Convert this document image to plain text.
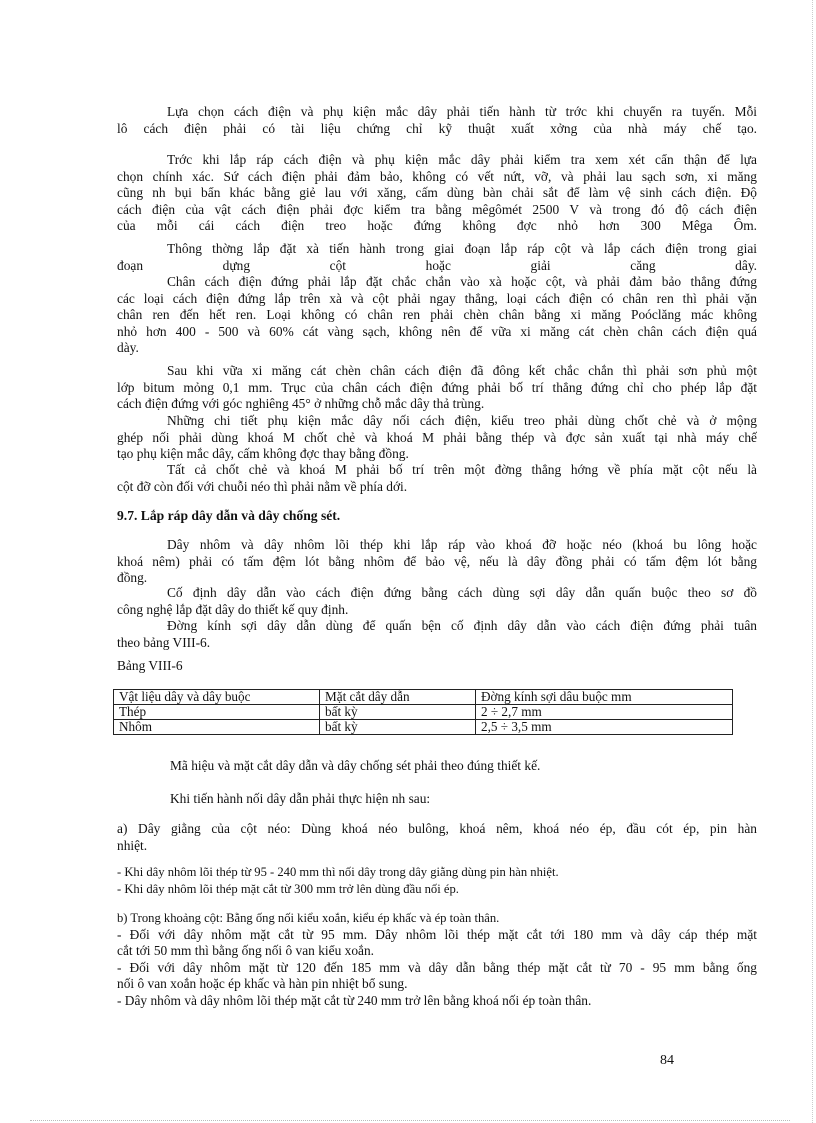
Lựa chọn cách điện và phụ kiện mắc dây phải tiến hành từ trớc khi chuyển ra tuyến. Mỗi
lô cách điện phải có tài liệu chứng chỉ kỹ thuật xuất xởng của nhà máy chế tạo.
Trớc khi lắp ráp cách điện và phụ kiện mắc dây phải kiểm tra xem xét cẩn thận để lựa
chọn chính xác. Sứ cách điện phải đảm bảo, không có vết nứt, vỡ, và phải lau sạch sơn, xi măng
cũng nh bụi bẩn khác bằng giẻ lau với xăng, cấm dùng bàn chải sắt để làm vệ sinh cách điện. Độ
cách điện của vật cách điện phải đợc kiểm tra bằng mêgômét 2500 V và trong đó độ cách điện
của mỗi cái cách điện treo hoặc đứng không đợc nhỏ hơn 300 Mêga Ôm.
Thông thờng lắp đặt xà tiến hành trong giai đoạn lắp ráp cột và lắp cách điện trong giai
đoạn dựng cột hoặc giải căng dây.
Chân cách điện đứng phải lắp đặt chắc chắn vào xà hoặc cột, và phải đảm bảo thẳng đứng
các loại cách điện đứng lắp trên xà và cột phải ngay thẳng, loại cách điện có chân ren thì phải vặn
chân ren đến hết ren. Loại không có chân ren phải chèn chân bằng xi măng Poóclăng mác không
nhỏ hơn 400 - 500 và 60% cát vàng sạch, không nên để vữa xi măng cát chèn chân cách điện quá
dày.
Sau khi vữa xi măng cát chèn chân cách điện đã đông kết chắc chắn thì phải sơn phủ một
lớp bitum mỏng 0,1 mm. Trục của chân cách điện đứng phải bố trí thẳng đứng chỉ cho phép lắp đặt
cách điện đứng với góc nghiêng 45° ở những chỗ mắc dây thả trùng.
Những chi tiết phụ kiện mắc dây nối cách điện, kiểu treo phải dùng chốt chẻ và ở mộng
ghép nối phải dùng khoá M chốt chẻ và khoá M phải bằng thép và đợc sản xuất tại nhà máy chế
tạo phụ kiện mắc dây, cấm không đợc thay bằng đồng.
Tất cả chốt chẻ và khoá M phải bố trí trên một đờng thẳng hớng về phía mặt cột nếu là
cột đỡ còn đối với chuỗi néo thì phải nằm về phía dới.
9.7. Lắp ráp dây dẫn và dây chống sét.
Dây nhôm và dây nhôm lõi thép khi lắp ráp vào khoá đỡ hoặc néo (khoá bu lông hoặc
khoá nêm) phải có tấm đệm lót bằng nhôm để bảo vệ, nếu là dây đồng phải có tấm đệm lót bằng
đồng.
Cố định dây dẫn vào cách điện đứng bằng cách dùng sợi dây dẫn quấn buộc theo sơ đồ
công nghệ lắp đặt dây do thiết kế quy định.
Đờng kính sợi dây dẫn dùng để quấn bện cố định dây dẫn vào cách điện đứng phải tuân
theo bảng VIII-6.
Bảng VIII-6
Vật liệu dây và dây buộc	Mặt cắt dây dẫn	Đờng kính sợi dâu buộc mm
Thép	bất kỳ	2 ÷ 2,7 mm
Nhôm	bất kỳ	2,5 ÷ 3,5 mm
Mã hiệu và mặt cắt dây dẫn và dây chống sét phải theo đúng thiết kế.
Khi tiến hành nối dây dẫn phải thực hiện nh sau:
a) Dây giằng của cột néo: Dùng khoá néo bulông, khoá nêm, khoá néo ép, đầu cót ép, pin hàn
nhiệt.
- Khi dây nhôm lõi thép từ 95 - 240 mm thì nối dây trong dây giằng dùng pin hàn nhiệt.
- Khi dây nhôm lõi thép mặt cắt từ 300 mm trở lên dùng đầu nối ép.
b) Trong khoảng cột: Bằng ống nối kiểu xoắn, kiểu ép khấc và ép toàn thân.
- Đối với dây nhôm mặt cắt từ 95 mm. Dây nhôm lõi thép mặt cắt tới 180 mm và dây cáp thép mặt
cắt tới 50 mm thì bằng ống nối ô van kiểu xoắn.
- Đối với dây nhôm mặt từ 120 đến 185 mm và dây dẫn bằng thép mặt cắt từ 70 - 95 mm bằng ống
nối ô van xoắn hoặc ép khấc và hàn pin nhiệt bổ sung.
- Dây nhôm và dây nhôm lõi thép mặt cắt từ 240 mm trở lên bằng khoá nối ép toàn thân.
84
